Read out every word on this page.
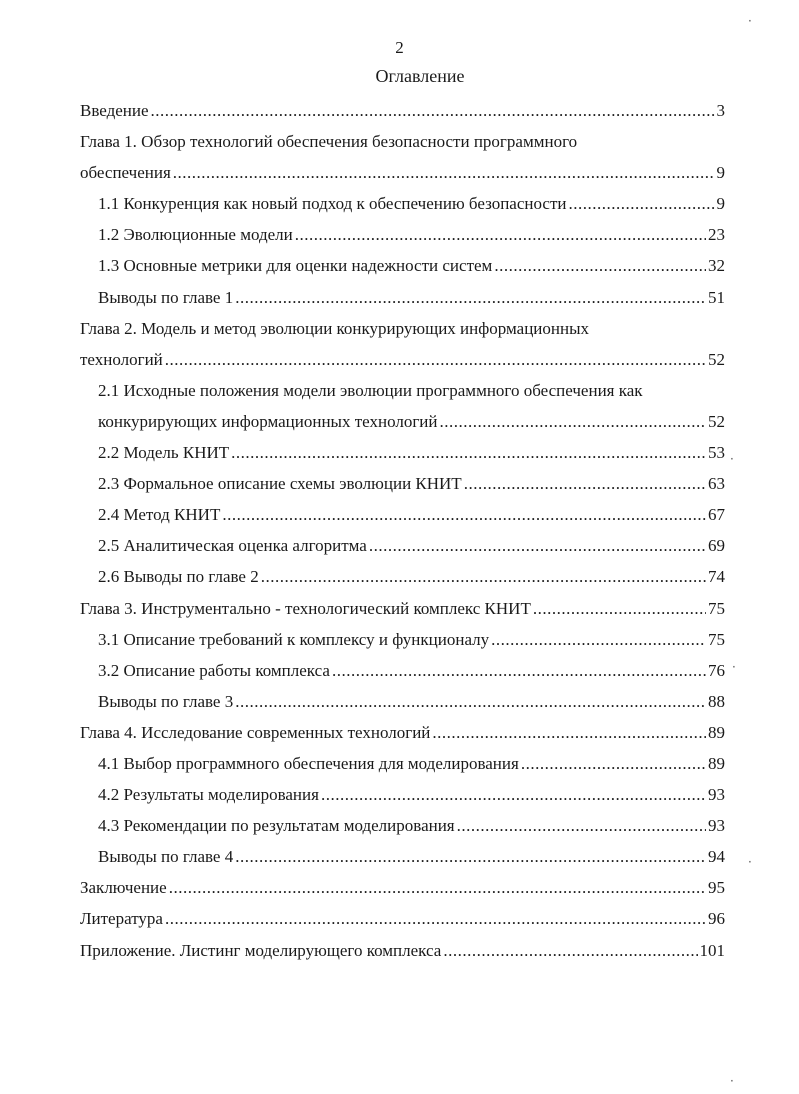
2
Оглавление
Введение .....	3
Глава 1. Обзор технологий обеспечения безопасности программного
обеспечения .....	9
1.1 Конкуренция как новый подход к обеспечению безопасности .....	9
1.2 Эволюционные модели .....	23
1.3 Основные метрики для оценки надежности систем .....	32
Выводы по главе 1 .....	51
Глава 2. Модель и метод эволюции конкурирующих информационных
технологий .....	52
2.1 Исходные положения модели эволюции программного обеспечения как
конкурирующих информационных технологий .....	52
2.2 Модель КНИТ .....	53
2.3 Формальное описание схемы эволюции КНИТ .....	63
2.4 Метод КНИТ .....	67
2.5 Аналитическая оценка алгоритма .....	69
2.6 Выводы по главе 2 .....	74
Глава 3. Инструментально - технологический комплекс КНИТ .....	75
3.1 Описание требований к комплексу и функционалу .....	75
3.2 Описание работы комплекса .....	76
Выводы по главе 3 .....	88
Глава 4. Исследование современных технологий .....	89
4.1 Выбор программного обеспечения для моделирования .....	89
4.2 Результаты моделирования .....	93
4.3 Рекомендации по результатам моделирования .....	93
Выводы по главе 4 .....	94
Заключение .....	95
Литература .....	96
Приложение. Листинг моделирующего комплекса .....	101
·
·
·
·
·
